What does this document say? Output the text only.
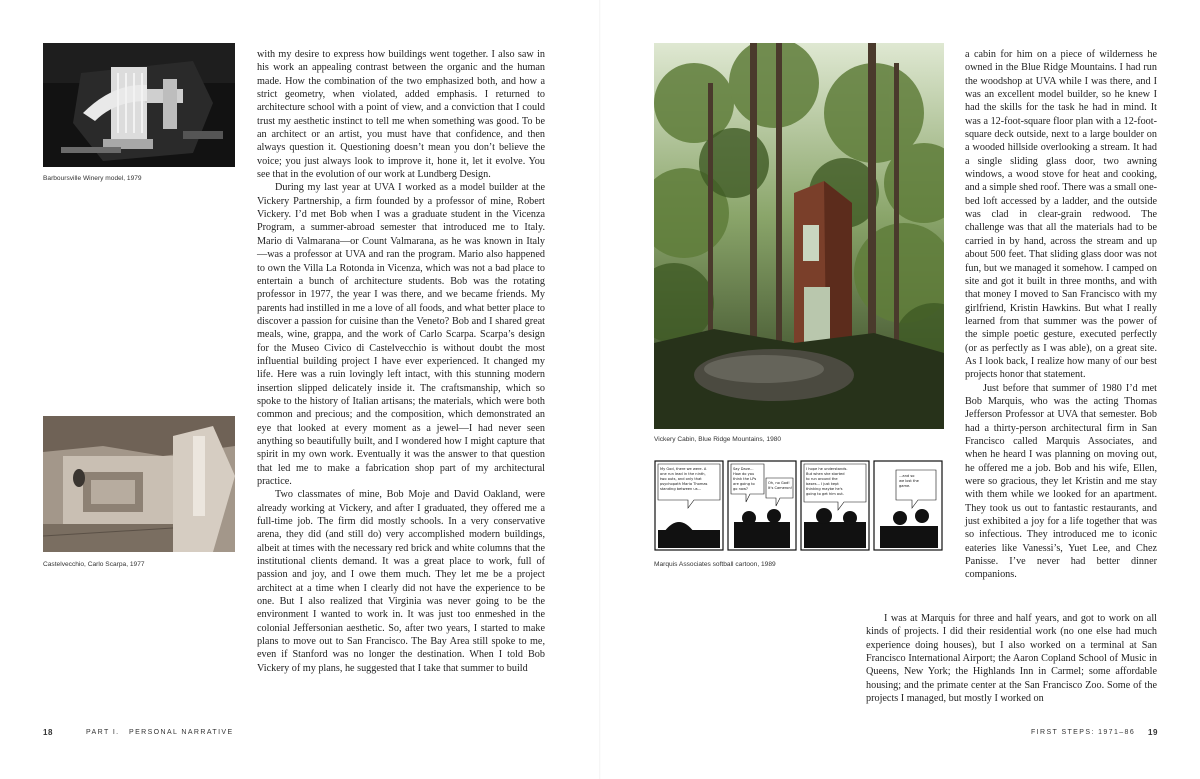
Barboursville Winery model, 1979
Castelvecchio, Carlo Scarpa, 1977

with my desire to express how buildings went together. I also saw in his work an appealing contrast between the organic and the human made. How the combination of the two emphasized both, and how a strict geometry, when violated, added emphasis. I returned to architecture school with a point of view, and a conviction that I could trust my aesthetic instinct to tell me when something was good. To be an architect or an artist, you must have that confidence, and then always question it. Questioning doesn’t mean you don’t believe the voice; you just always look to improve it, hone it, let it evolve. You see that in the evolution of our work at Lundberg Design.

During my last year at UVA I worked as a model builder at the Vickery Partnership, a firm founded by a professor of mine, Robert Vickery. I’d met Bob when I was a graduate student in the Vicenza Program, a summer-abroad semester that introduced me to Italy. Mario di Valmarana—or Count Valmarana, as he was known in Italy—was a professor at UVA and ran the program. Mario also happened to own the Villa La Rotonda in Vicenza, which was not a bad place to entertain a bunch of architecture students. Bob was the rotating professor in 1977, the year I was there, and we became friends. My parents had instilled in me a love of all foods, and what better place to discover a passion for cuisine than the Veneto? Bob and I shared great meals, wine, grappa, and the work of Carlo Scarpa. Scarpa’s design for the Museo Civico di Castelvecchio is without doubt the most influential building project I have ever experienced. It changed my life. Here was a ruin lovingly left intact, with this stunning modern insertion slipped delicately inside it. The craftsmanship, which so spoke to the history of Italian artisans; the materials, which were both common and precious; and the composition, which demonstrated an eye that looked at every moment as a jewel—I had never seen anything so beautifully built, and I wondered how I might capture that spirit in my own work. Eventually it was the answer to that question that led me to make a fabrication shop part of my architectural practice.

Two classmates of mine, Bob Moje and David Oakland, were already working at Vickery, and after I graduated, they offered me a full-time job. The firm did mostly schools. In a very conservative arena, they did (and still do) very accomplished modern buildings, albeit at times with the necessary red brick and white columns that the institutional clients demand. It was a great place to work, full of passion and joy, and I owe them much. They let me be a project architect at a time when I clearly did not have the experience to be one. But I also realized that Virginia was never going to be the environment I wanted to work in. It was just too enmeshed in the colonial Jeffersonian aesthetic. So, after two years, I started to make plans to move out to San Francisco. The Bay Area still spoke to me, even if Stanford was no longer the destination. When I told Bob Vickery of my plans, he suggested that I take that summer to build

18	PART I. PERSONAL NARRATIVE
Vickery Cabin, Blue Ridge Mountains, 1980
My God, there we were. A
one run lead in the ninth,
two outs, and only that
psychopath Maria Thomas
standing between us...
Say Dave...
How do you
think the LPs
are going to
go now?
Oh, no God!
It's Cameron!
I hope he understands.
But when she started
to run around the
bases... I just kept
thinking maybe he's
going to get him out.
...and so
we lost the
game.
Marquis Associates softball cartoon, 1989

a cabin for him on a piece of wilderness he owned in the Blue Ridge Mountains. I had run the woodshop at UVA while I was there, and I was an excellent model builder, so he knew I had the skills for the task he had in mind. It was a 12-foot-square floor plan with a 12-foot-square deck outside, next to a large boulder on a wooded hillside overlooking a stream. It had a single sliding glass door, two awning windows, a wood stove for heat and cooking, and a simple shed roof. There was a small one-bed loft accessed by a ladder, and the outside was clad in clear-grain redwood. The challenge was that all the materials had to be carried in by hand, across the stream and up about 500 feet. That sliding glass door was not fun, but we managed it somehow. I camped on site and got it built in three months, and with that money I moved to San Francisco with my girlfriend, Kristin Hawkins. But what I really learned from that summer was the power of the simple poetic gesture, executed perfectly (or as perfectly as I was able), on a great site. As I look back, I realize how many of our best projects honor that statement.

Just before that summer of 1980 I’d met Bob Marquis, who was the acting Thomas Jefferson Professor at UVA that semester. Bob had a thirty-person architectural firm in San Francisco called Marquis Associates, and when he heard I was planning on moving out, he offered me a job. Bob and his wife, Ellen, were so gracious, they let Kristin and me stay with them while we looked for an apartment. They took us out to fantastic restaurants, and just exhibited a joy for a life together that was so infectious. They introduced me to iconic eateries like Vanessi’s, Yuet Lee, and Chez Panisse. I’ve never had better dinner companions.

I was at Marquis for three and half years, and got to work on all kinds of projects. I did their residential work (no one else had much experience doing houses), but I also worked on a terminal at San Francisco International Airport; the Aaron Copland School of Music in Queens, New York; the Highlands Inn in Carmel; some affordable housing; and the primate center at the San Francisco Zoo. Some of the projects I managed, but mostly I worked on

FIRST STEPS: 1971–86 19
